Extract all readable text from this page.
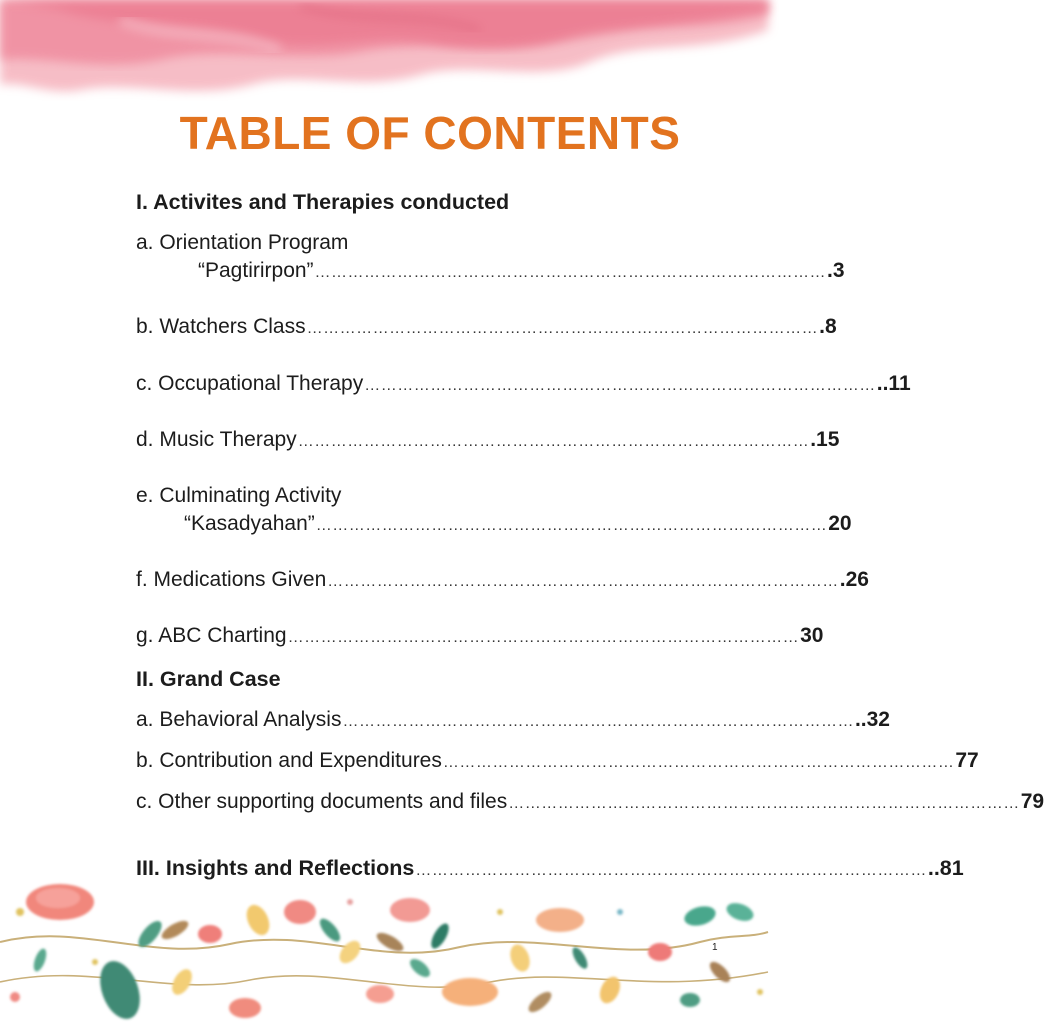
TABLE OF CONTENTS
I. Activites and Therapies conducted
a. Orientation Program
“Pagtirirpon” ………………………………………………………………………………… .3
b. Watchers Class ………………………………………………………………………………… .8
c. Occupational Therapy ………………………………………………………………………………… ..11
d. Music Therapy ………………………………………………………………………………… .15
e. Culminating Activity
“Kasadyahan” ………………………………………………………………………………… 20
f. Medications Given ………………………………………………………………………………… .26
g. ABC Charting ………………………………………………………………………………… 30
II. Grand Case
a. Behavioral Analysis ………………………………………………………………………………… ..32
b. Contribution and Expenditures ………………………………………………………………………………… 77
c. Other supporting documents and files ………………………………………………………………………………… 79
III. Insights and Reflections ………………………………………………………………………………… ..81
1
